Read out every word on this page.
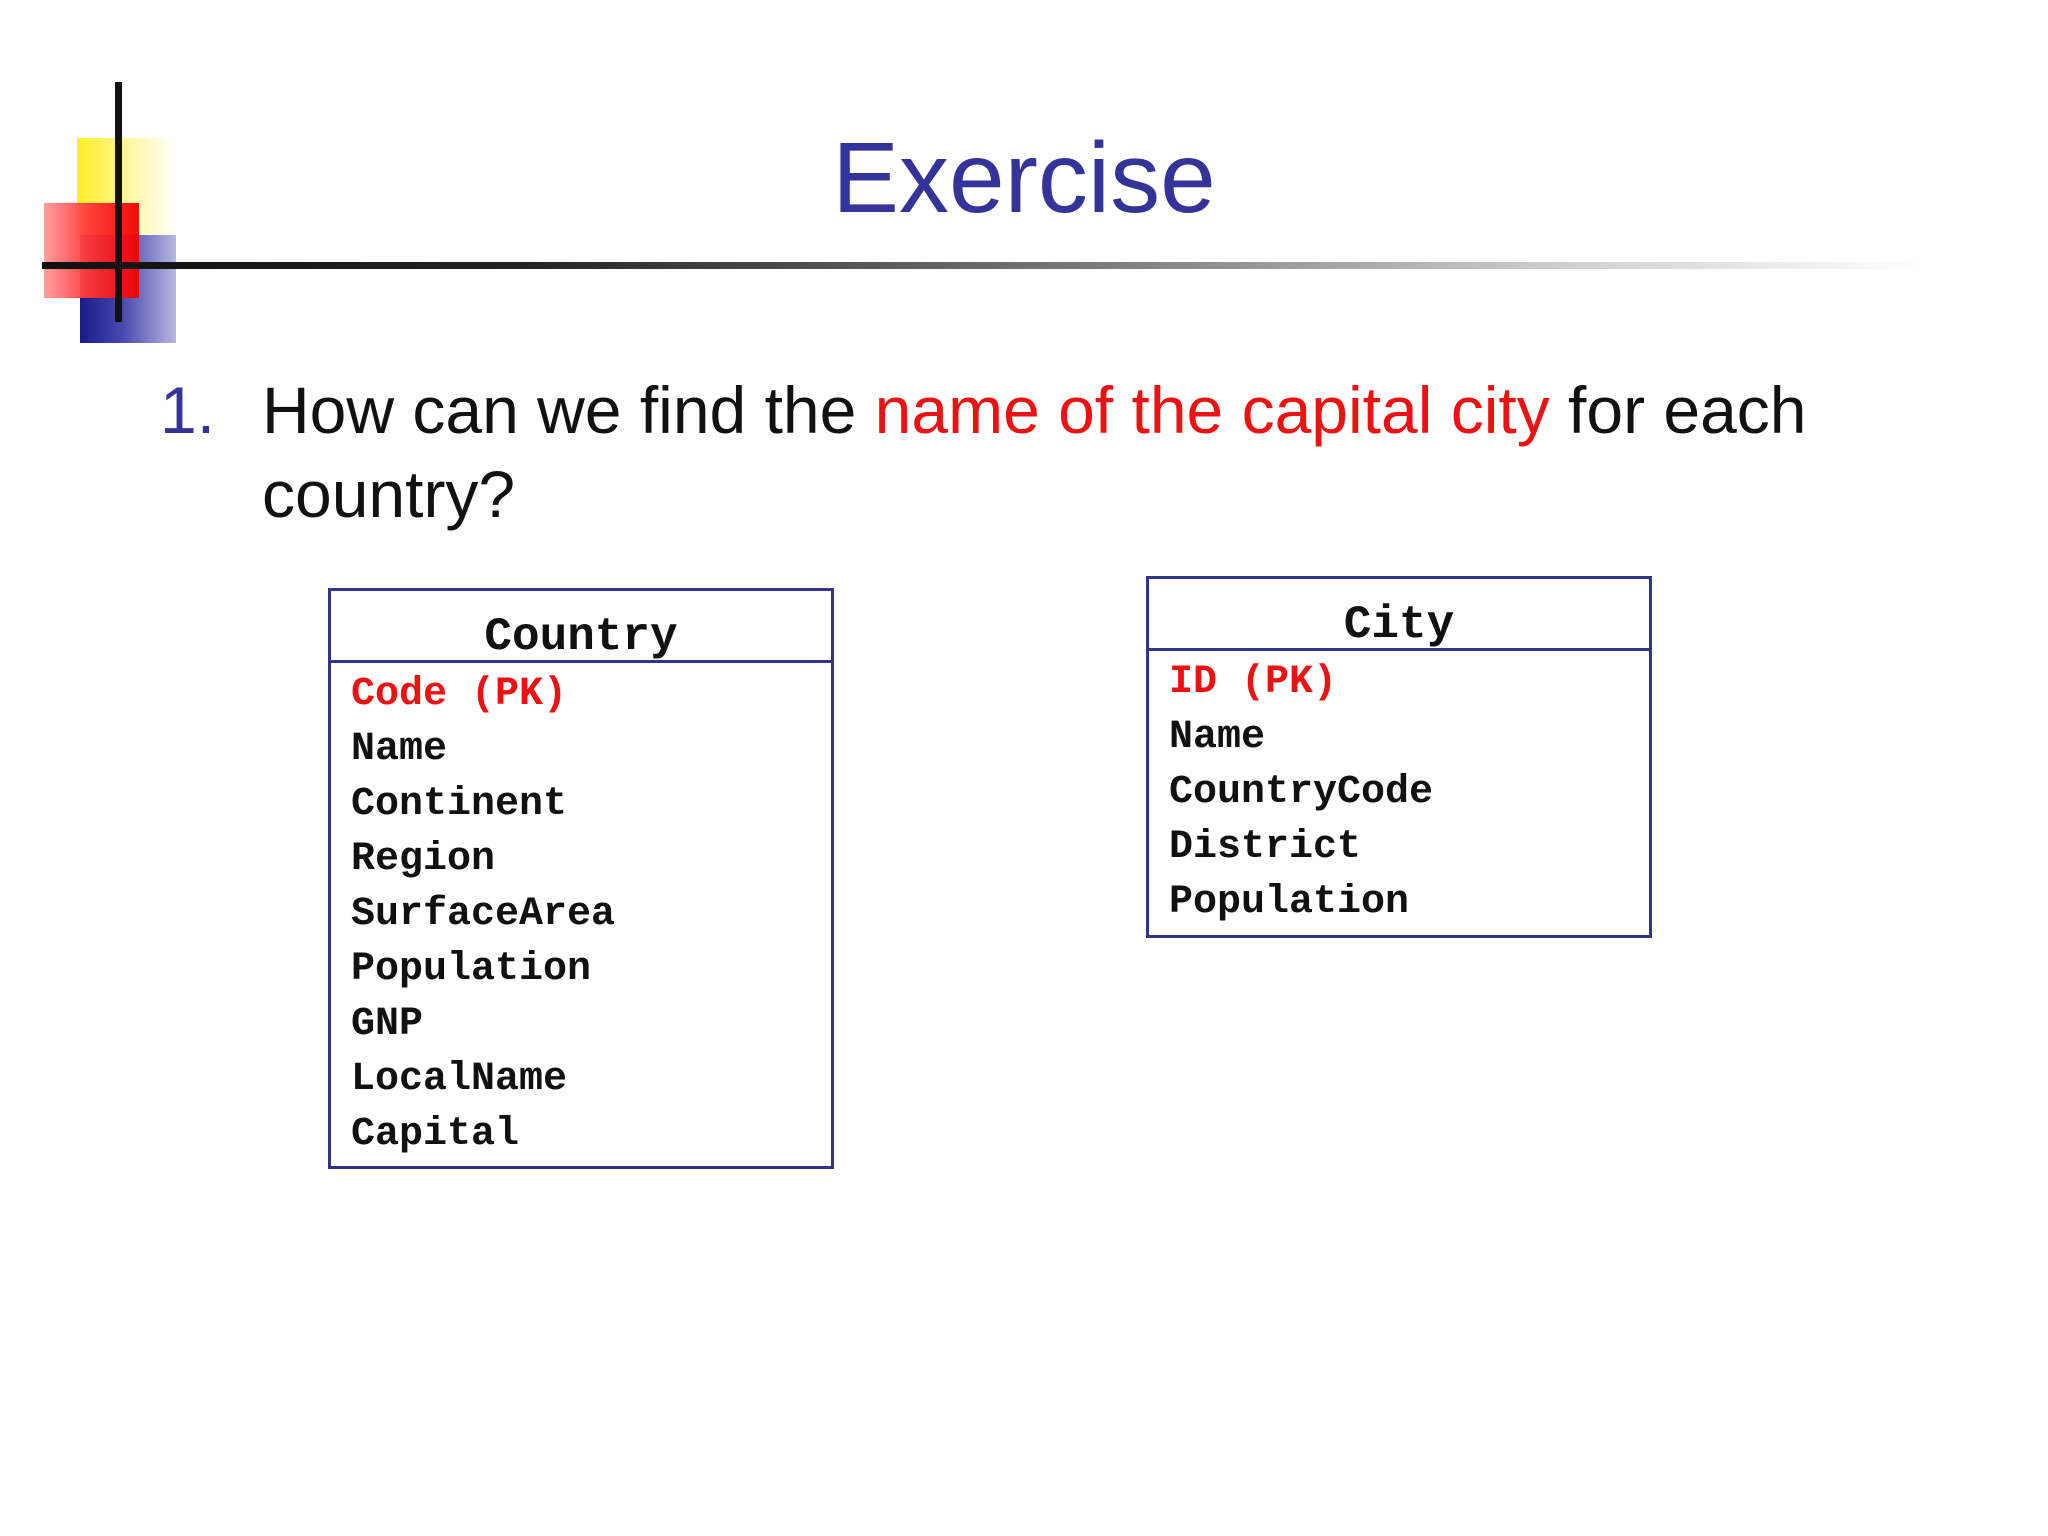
Exercise
1. How can we find the name of the capital city for each country?
Country
Code (PK)
Name
Continent
Region
SurfaceArea
Population
GNP
LocalName
Capital
City
ID (PK)
Name
CountryCode
District
Population
